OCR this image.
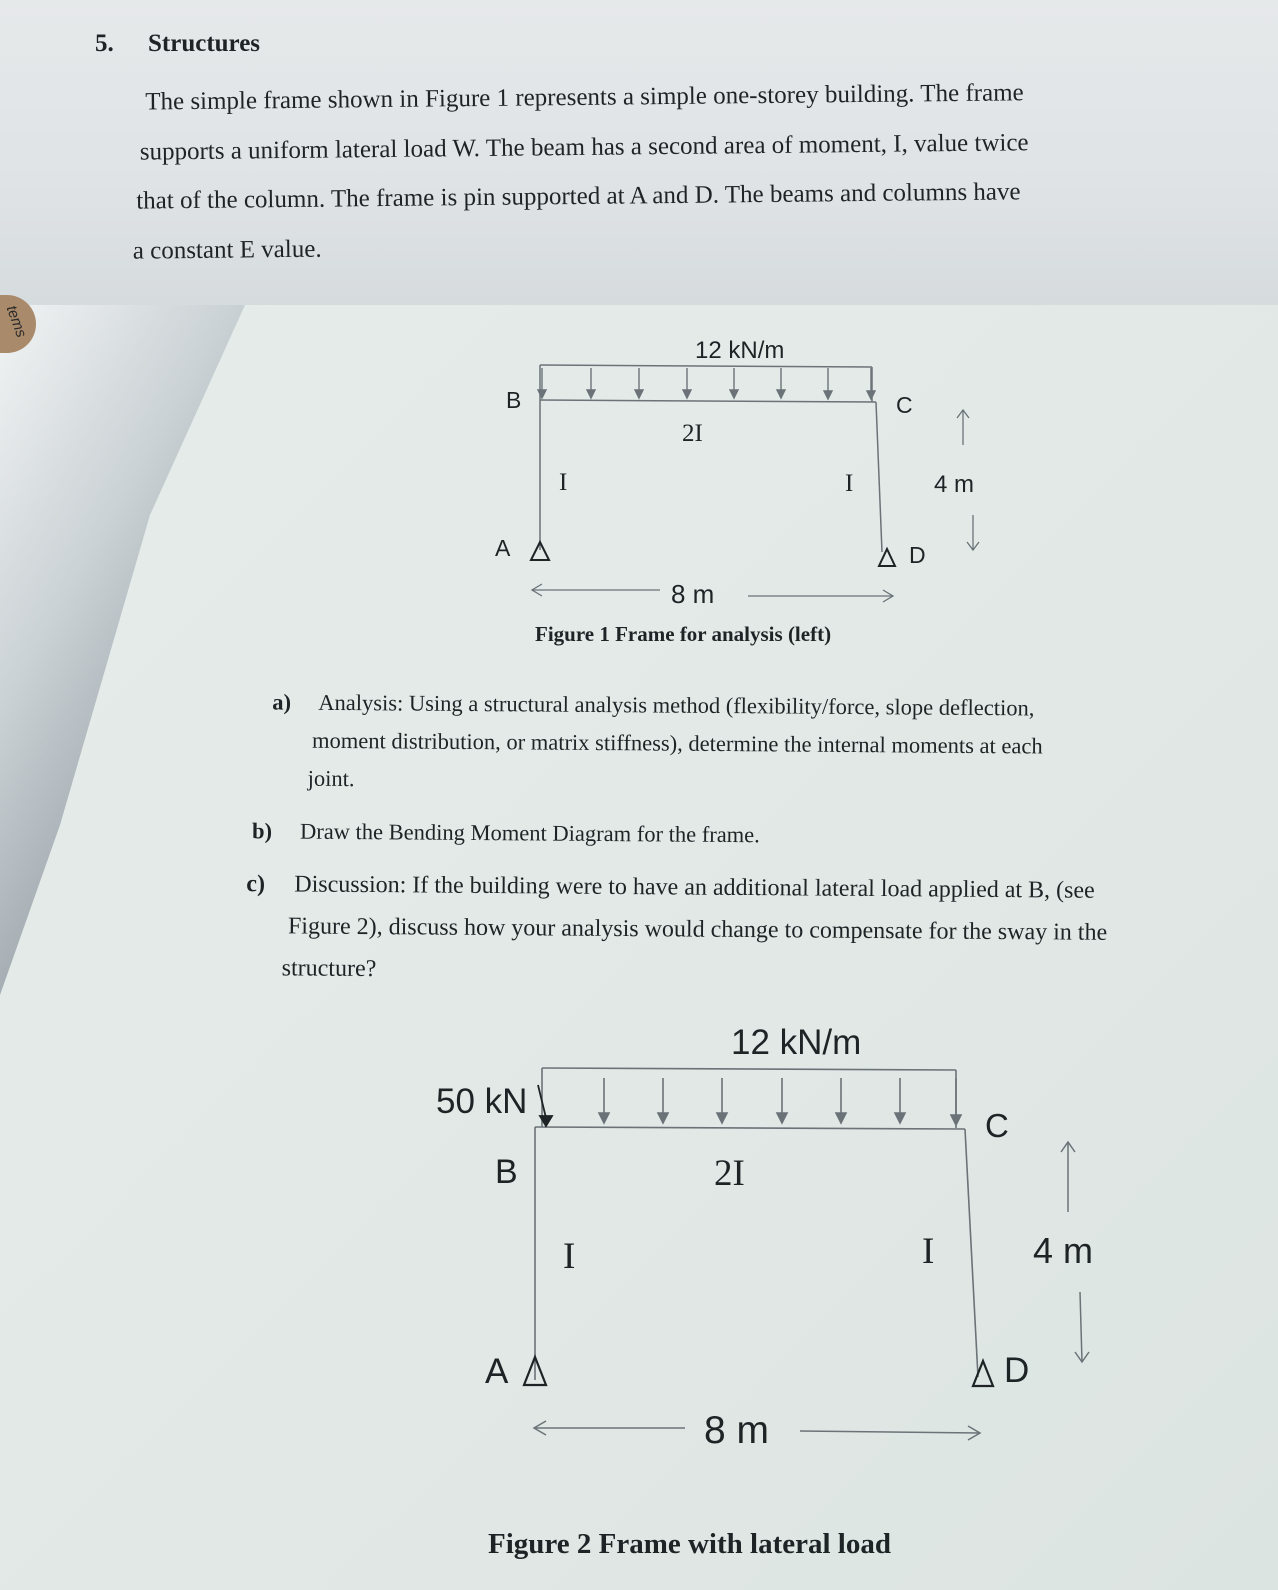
tems
5. Structures
The simple frame shown in Figure 1 represents a simple one-storey building. The frame
supports a uniform lateral load W. The beam has a second area of moment, I, value twice
that of the column. The frame is pin supported at A and D. The beams and columns have
a constant E value.
12 kN/m
2I
I	I
B	C
A	D
4 m
8 m
Figure 1 Frame for analysis (left)
a) Analysis: Using a structural analysis method (flexibility/force, slope deflection,
moment distribution, or matrix stiffness), determine the internal moments at each
joint.
b) Draw the Bending Moment Diagram for the frame.
c) Discussion: If the building were to have an additional lateral load applied at B, (see
Figure 2), discuss how your analysis would change to compensate for the sway in the
structure?
12 kN/m
50 kN
2I
I	I
B
C
A	D
4 m
8 m
Figure 2 Frame with lateral load
